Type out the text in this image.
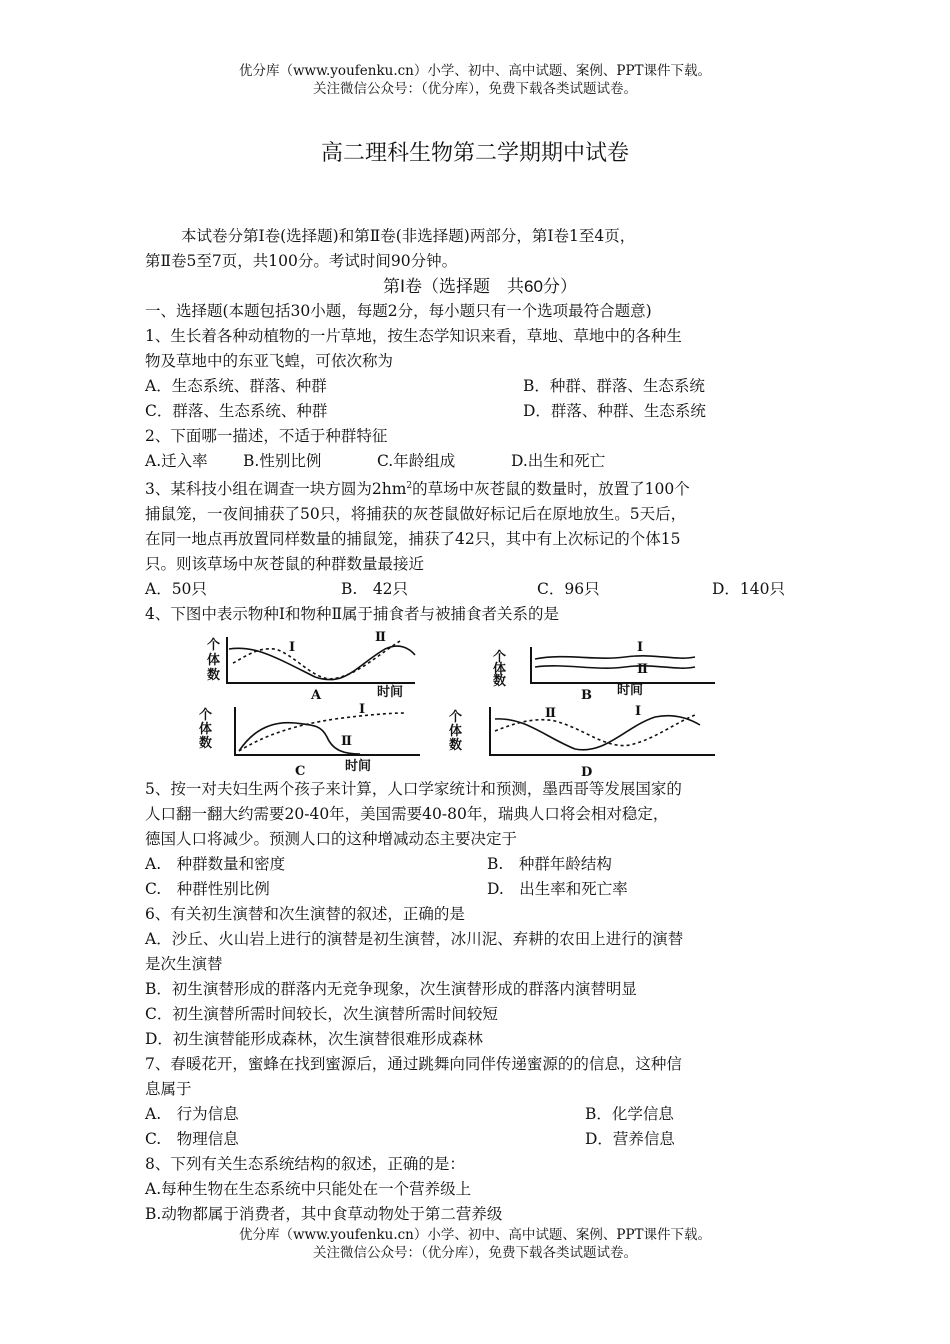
优分库（www.youfenku.cn）小学、初中、高中试题、案例、PPT课件下载。
关注微信公众号：（优分库），免费下载各类试题试卷。
高二理科生物第二学期期中试卷

本试卷分第Ⅰ卷(选择题)和第Ⅱ卷(非选择题)两部分，第Ⅰ卷1至4页，

第Ⅱ卷5至7页，共100分。考试时间90分钟。

第Ⅰ卷（选择题　共60分）

一、选择题(本题包括30小题，每题2分，每小题只有一个选项最符合题意)

1、生长着各种动植物的一片草地，按生态学知识来看，草地、草地中的各种生

物及草地中的东亚飞蝗，可依次称为

A．生态系统、群落、种群	B．种群、群落、生态系统
C．群落、生态系统、种群	D．群落、种群、生态系统

2、下面哪一描述，不适于种群特征

A.迁入率	B.性别比例	C.年龄组成	D.出生和死亡

3、某科技小组在调查一块方圆为$2hm^2$的草场中灰苍鼠的数量时，放置了100个

捕鼠笼，一夜间捕获了50只，将捕获的灰苍鼠做好标记后在原地放生。5天后，

在同一地点再放置同样数量的捕鼠笼，捕获了42只，其中有上次标记的个体15

只。则该草场中灰苍鼠的种群数量最接近

A．50只	B.　42只	C．96只	D．140只

4、下图中表示物种Ⅰ和物种Ⅱ属于捕食者与被捕食者关系的是

个
体
数
Ⅰ
Ⅱ
时间
A
个
体
数
Ⅰ
Ⅱ
时间
B
个
体
数
Ⅰ
Ⅱ
时间
C
个
体
数
Ⅱ	Ⅰ
D

5、按一对夫妇生两个孩子来计算，人口学家统计和预测，墨西哥等发展国家的

人口翻一翻大约需要20-40年，美国需要40-80年，瑞典人口将会相对稳定，

德国人口将减少。预测人口的这种增减动态主要决定于

A.　种群数量和密度	B.　种群年龄结构
C.　种群性别比例	D.　出生率和死亡率

6、有关初生演替和次生演替的叙述，正确的是

A．沙丘、火山岩上进行的演替是初生演替，冰川泥、弃耕的农田上进行的演替

是次生演替

B．初生演替形成的群落内无竞争现象，次生演替形成的群落内演替明显

C．初生演替所需时间较长，次生演替所需时间较短

D．初生演替能形成森林，次生演替很难形成森林

7、春暖花开，蜜蜂在找到蜜源后，通过跳舞向同伴传递蜜源的的信息，这种信

息属于

A.　行为信息	B．化学信息
C.　物理信息	D．营养信息

8、下列有关生态系统结构的叙述，正确的是：

A.每种生物在生态系统中只能处在一个营养级上

B.动物都属于消费者，其中食草动物处于第二营养级

优分库（www.youfenku.cn）小学、初中、高中试题、案例、PPT课件下载。
关注微信公众号：（优分库），免费下载各类试题试卷。
